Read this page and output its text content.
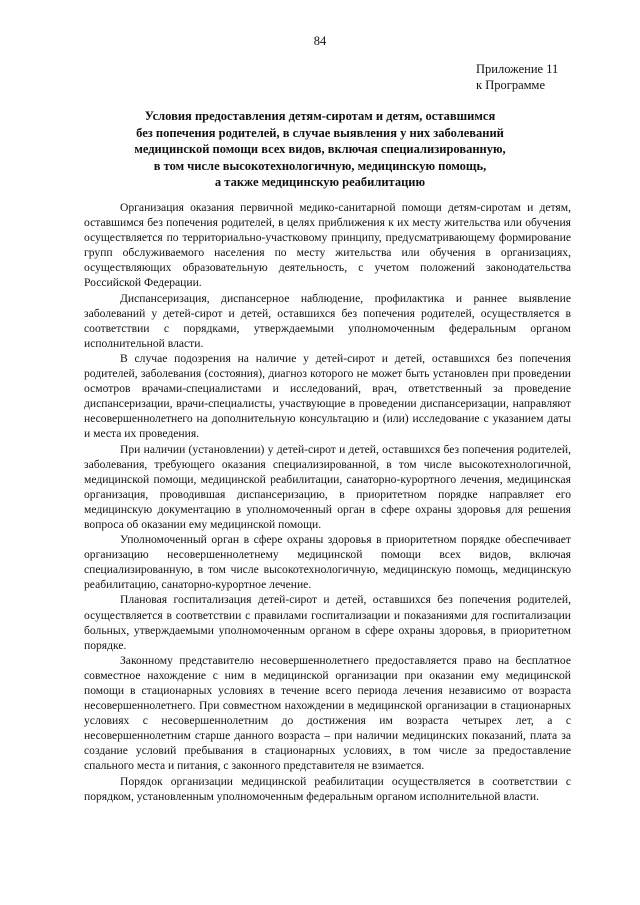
84
Приложение 11
к Программе
Условия предоставления детям-сиротам и детям, оставшимся
без попечения родителей, в случае выявления у них заболеваний
медицинской помощи всех видов, включая специализированную,
в том числе высокотехнологичную, медицинскую помощь,
а также медицинскую реабилитацию

Организация оказания первичной медико-санитарной помощи детям-сиротам и детям, оставшимся без попечения родителей, в целях приближения к их месту жительства или обучения осуществляется по территориально-участковому принципу, предусматривающему формирование групп обслуживаемого населения по месту жительства или обучения в организациях, осуществляющих образовательную деятельность, с учетом положений законодательства Российской Федерации.

Диспансеризация, диспансерное наблюдение, профилактика и раннее выявление заболеваний у детей-сирот и детей, оставшихся без попечения родителей, осуществляется в соответствии с порядками, утверждаемыми уполномоченным федеральным органом исполнительной власти.

В случае подозрения на наличие у детей-сирот и детей, оставшихся без попечения родителей, заболевания (состояния), диагноз которого не может быть установлен при проведении осмотров врачами-специалистами и исследований, врач, ответственный за проведение диспансеризации, врачи-специалисты, участвующие в проведении диспансеризации, направляют несовершеннолетнего на дополнительную консультацию и (или) исследование с указанием даты и места их проведения.

При наличии (установлении) у детей-сирот и детей, оставшихся без попечения родителей, заболевания, требующего оказания специализированной, в том числе высокотехнологичной, медицинской помощи, медицинской реабилитации, санаторно-курортного лечения, медицинская организация, проводившая диспансеризацию, в приоритетном порядке направляет его медицинскую документацию в уполномоченный орган в сфере охраны здоровья для решения вопроса об оказании ему медицинской помощи.

Уполномоченный орган в сфере охраны здоровья в приоритетном порядке обеспечивает организацию несовершеннолетнему медицинской помощи всех видов, включая специализированную, в том числе высокотехнологичную, медицинскую помощь, медицинскую реабилитацию, санаторно-курортное лечение.

Плановая госпитализация детей-сирот и детей, оставшихся без попечения родителей, осуществляется в соответствии с правилами госпитализации и показаниями для госпитализации больных, утверждаемыми уполномоченным органом в сфере охраны здоровья, в приоритетном порядке.

Законному представителю несовершеннолетнего предоставляется право на бесплатное совместное нахождение с ним в медицинской организации при оказании ему медицинской помощи в стационарных условиях в течение всего периода лечения независимо от возраста несовершеннолетнего. При совместном нахождении в медицинской организации в стационарных условиях с несовершеннолетним до достижения им возраста четырех лет, а с несовершеннолетним старше данного возраста – при наличии медицинских показаний, плата за создание условий пребывания в стационарных условиях, в том числе за предоставление спального места и питания, с законного представителя не взимается.

Порядок организации медицинской реабилитации осуществляется в соответствии с порядком, установленным уполномоченным федеральным органом исполнительной власти.
